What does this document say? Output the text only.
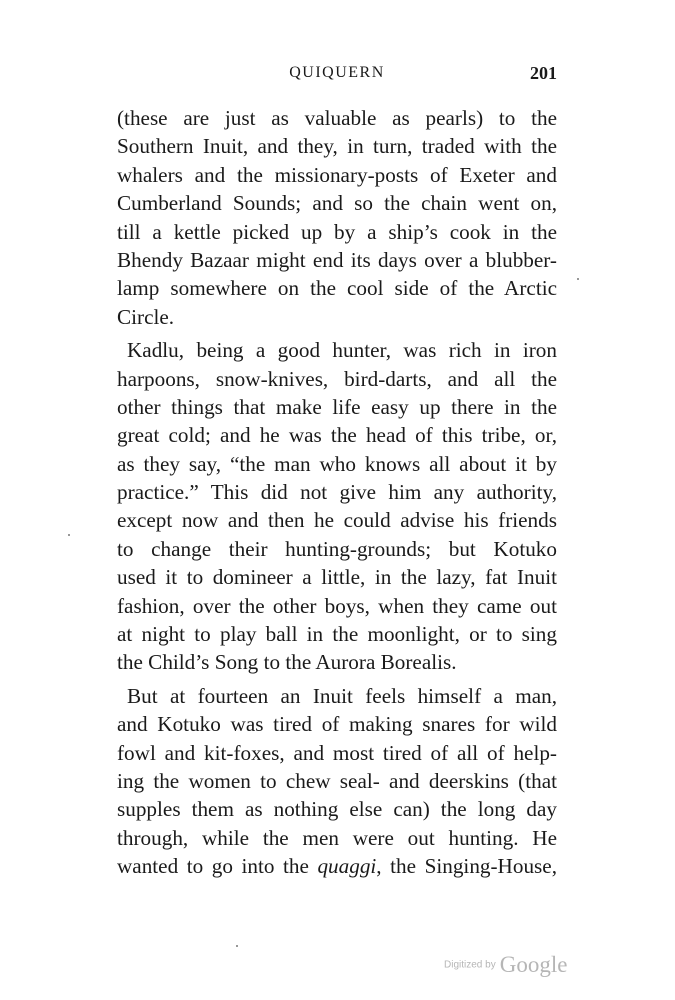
QUIQUERN	201
(these are just as valuable as pearls) to the
Southern Inuit, and they, in turn, traded with the
whalers and the missionary-posts of Exeter and
Cumberland Sounds; and so the chain went on,
till a kettle picked up by a ship’s cook in the
Bhendy Bazaar might end its days over a blubber-
lamp somewhere on the cool side of the Arctic
Circle.
Kadlu, being a good hunter, was rich in iron
harpoons, snow-knives, bird-darts, and all the
other things that make life easy up there in the
great cold; and he was the head of this tribe, or,
as they say, “the man who knows all about it by
practice.” This did not give him any authority,
except now and then he could advise his friends
to change their hunting-grounds; but Kotuko
used it to domineer a little, in the lazy, fat Inuit
fashion, over the other boys, when they came out
at night to play ball in the moonlight, or to sing
the Child’s Song to the Aurora Borealis.
But at fourteen an Inuit feels himself a man,
and Kotuko was tired of making snares for wild
fowl and kit-foxes, and most tired of all of help-
ing the women to chew seal- and deerskins (that
supples them as nothing else can) the long day
through, while the men were out hunting. He
wanted to go into the quaggi, the Singing-House,
Digitized by Google
